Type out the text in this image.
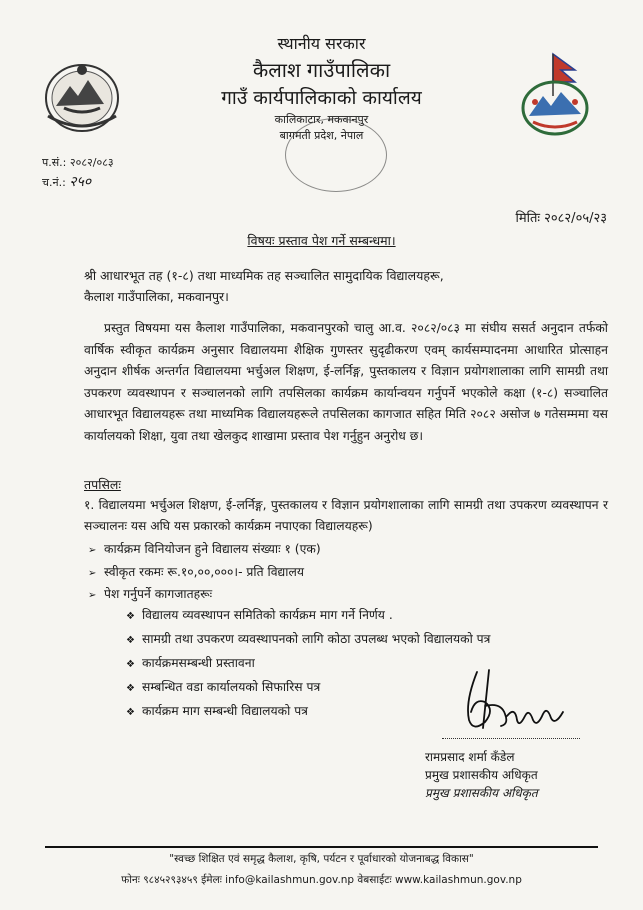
स्थानीय सरकार
कैलाश गाउँपालिका
गाउँ कार्यपालिकाको कार्यालय
कालिकाटार, मकवानपुर
बागमती प्रदेश, नेपाल
प.सं.: २०८२/०८३
च.नं.: २५०
मितिः २०८२/०५/२३
विषयः प्रस्ताव पेश गर्ने सम्बन्धमा।
श्री आधारभूत तह (१-८) तथा माध्यमिक तह सञ्चालित सामुदायिक विद्यालयहरू,
कैलाश गाउँपालिका, मकवानपुर।
प्रस्तुत विषयमा यस कैलाश गाउँपालिका, मकवानपुरको चालु आ.व. २०८२/०८३ मा संघीय ससर्त अनुदान तर्फको वार्षिक स्वीकृत कार्यक्रम अनुसार विद्यालयमा शैक्षिक गुणस्तर सुदृढीकरण एवम् कार्यसम्पादनमा आधारित प्रोत्साहन अनुदान शीर्षक अन्तर्गत विद्यालयमा भर्चुअल शिक्षण, ई-लर्निङ्ग, पुस्तकालय र विज्ञान प्रयोगशालाका लागि सामग्री तथा उपकरण व्यवस्थापन र सञ्चालनको लागि तपसिलका कार्यक्रम कार्यान्वयन गर्नुपर्ने भएकोले कक्षा (१-८) सञ्चालित आधारभूत विद्यालयहरू तथा माध्यमिक विद्यालयहरूले तपसिलका कागजात सहित मिति २०८२ असोज ७ गतेसम्ममा यस कार्यालयको शिक्षा, युवा तथा खेलकुद शाखामा प्रस्ताव पेश गर्नुहुन अनुरोध छ।
तपसिलः
१. विद्यालयमा भर्चुअल शिक्षण, ई-लर्निङ्ग, पुस्तकालय र विज्ञान प्रयोगशालाका लागि सामग्री तथा उपकरण व्यवस्थापन र सञ्चालनः यस अघि यस प्रकारको कार्यक्रम नपाएका विद्यालयहरू)
➢ कार्यक्रम विनियोजन हुने विद्यालय संख्याः १ (एक)
➢ स्वीकृत रकमः रू.१०,००,०००।- प्रति विद्यालय
➢ पेश गर्नुपर्ने कागजातहरूः
❖ विद्यालय व्यवस्थापन समितिको कार्यक्रम माग गर्ने निर्णय .
❖ सामग्री तथा उपकरण व्यवस्थापनको लागि कोठा उपलब्ध भएको विद्यालयको पत्र
❖ कार्यक्रमसम्बन्धी प्रस्तावना
❖ सम्बन्धित वडा कार्यालयको सिफारिस पत्र
❖ कार्यक्रम माग सम्बन्धी विद्यालयको पत्र
रामप्रसाद शर्मा कँडेल
प्रमुख प्रशासकीय अधिकृत
प्रमुख प्रशासकीय अधिकृत
"स्वच्छ शिक्षित एवं समृद्ध कैलाश, कृषि, पर्यटन र पूर्वाधारको योजनाबद्ध विकास"
फोनः ९८४५२९३४५९ ईमेलः info@kailashmun.gov.np वेबसाईटः www.kailashmun.gov.np
